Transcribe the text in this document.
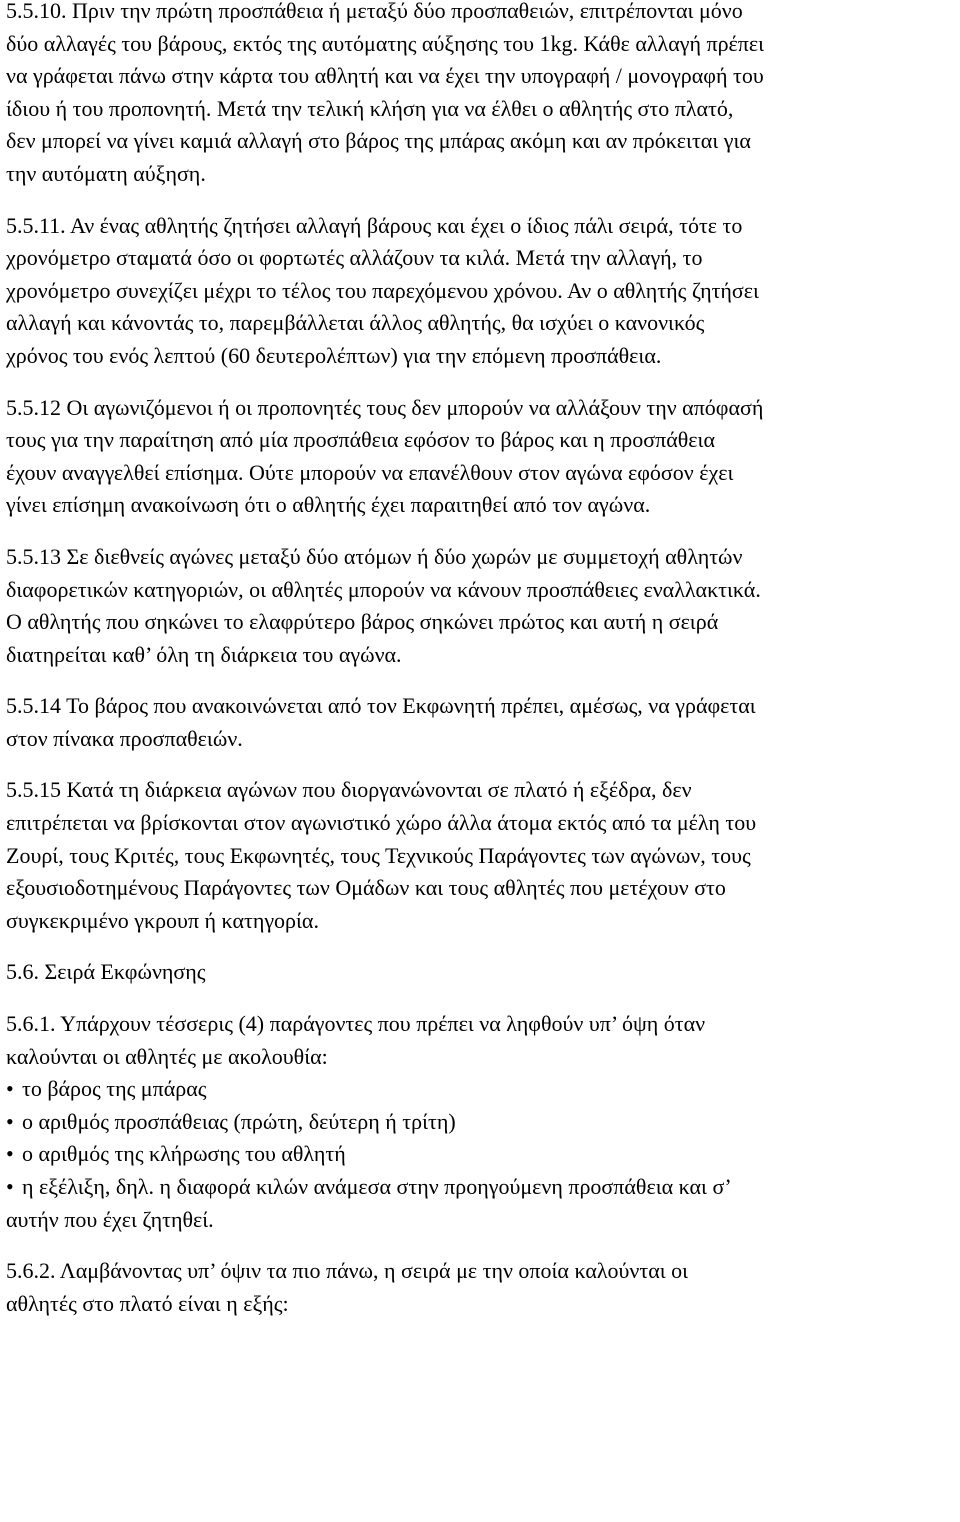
5.5.10. Πριν την πρώτη προσπάθεια ή μεταξύ δύο προσπαθειών, επιτρέπονται μόνο
δύο αλλαγές του βάρους, εκτός της αυτόματης αύξησης του 1kg. Κάθε αλλαγή πρέπει
να γράφεται πάνω στην κάρτα του αθλητή και να έχει την υπογραφή / μονογραφή του
ίδιου ή του προπονητή. Μετά την τελική κλήση για να έλθει ο αθλητής στο πλατό,
δεν μπορεί να γίνει καμιά αλλαγή στο βάρος της μπάρας ακόμη και αν πρόκειται για
την αυτόματη αύξηση.

5.5.11. Αν ένας αθλητής ζητήσει αλλαγή βάρους και έχει ο ίδιος πάλι σειρά, τότε το
χρονόμετρο σταματά όσο οι φορτωτές αλλάζουν τα κιλά. Μετά την αλλαγή, το
χρονόμετρο συνεχίζει μέχρι το τέλος του παρεχόμενου χρόνου. Αν ο αθλητής ζητήσει
αλλαγή και κάνοντάς το, παρεμβάλλεται άλλος αθλητής, θα ισχύει ο κανονικός
χρόνος του ενός λεπτού (60 δευτερολέπτων) για την επόμενη προσπάθεια.

5.5.12 Οι αγωνιζόμενοι ή οι προπονητές τους δεν μπορούν να αλλάξουν την απόφασή
τους για την παραίτηση από μία προσπάθεια εφόσον το βάρος και η προσπάθεια
έχουν αναγγελθεί επίσημα. Ούτε μπορούν να επανέλθουν στον αγώνα εφόσον έχει
γίνει επίσημη ανακοίνωση ότι ο αθλητής έχει παραιτηθεί από τον αγώνα.

5.5.13 Σε διεθνείς αγώνες μεταξύ δύο ατόμων ή δύο χωρών με συμμετοχή αθλητών
διαφορετικών κατηγοριών, οι αθλητές μπορούν να κάνουν προσπάθειες εναλλακτικά.
Ο αθλητής που σηκώνει το ελαφρύτερο βάρος σηκώνει πρώτος και αυτή η σειρά
διατηρείται καθ’ όλη τη διάρκεια του αγώνα.

5.5.14 Το βάρος που ανακοινώνεται από τον Εκφωνητή πρέπει, αμέσως, να γράφεται
στον πίνακα προσπαθειών.

5.5.15 Κατά τη διάρκεια αγώνων που διοργανώνονται σε πλατό ή εξέδρα, δεν
επιτρέπεται να βρίσκονται στον αγωνιστικό χώρο άλλα άτομα εκτός από τα μέλη του
Ζουρί, τους Κριτές, τους Εκφωνητές, τους Τεχνικούς Παράγοντες των αγώνων, τους
εξουσιοδοτημένους Παράγοντες των Ομάδων και τους αθλητές που μετέχουν στο
συγκεκριμένο γκρουπ ή κατηγορία.

5.6. Σειρά Εκφώνησης

5.6.1. Υπάρχουν τέσσερις (4) παράγοντες που πρέπει να ληφθούν υπ’ όψη όταν
καλούνται οι αθλητές με ακολουθία:

• το βάρος της μπάρας

• ο αριθμός προσπάθειας (πρώτη, δεύτερη ή τρίτη)

• ο αριθμός της κλήρωσης του αθλητή

• η εξέλιξη, δηλ. η διαφορά κιλών ανάμεσα στην προηγούμενη προσπάθεια και σ’
αυτήν που έχει ζητηθεί.

5.6.2. Λαμβάνοντας υπ’ όψιν τα πιο πάνω, η σειρά με την οποία καλούνται οι
αθλητές στο πλατό είναι η εξής:
